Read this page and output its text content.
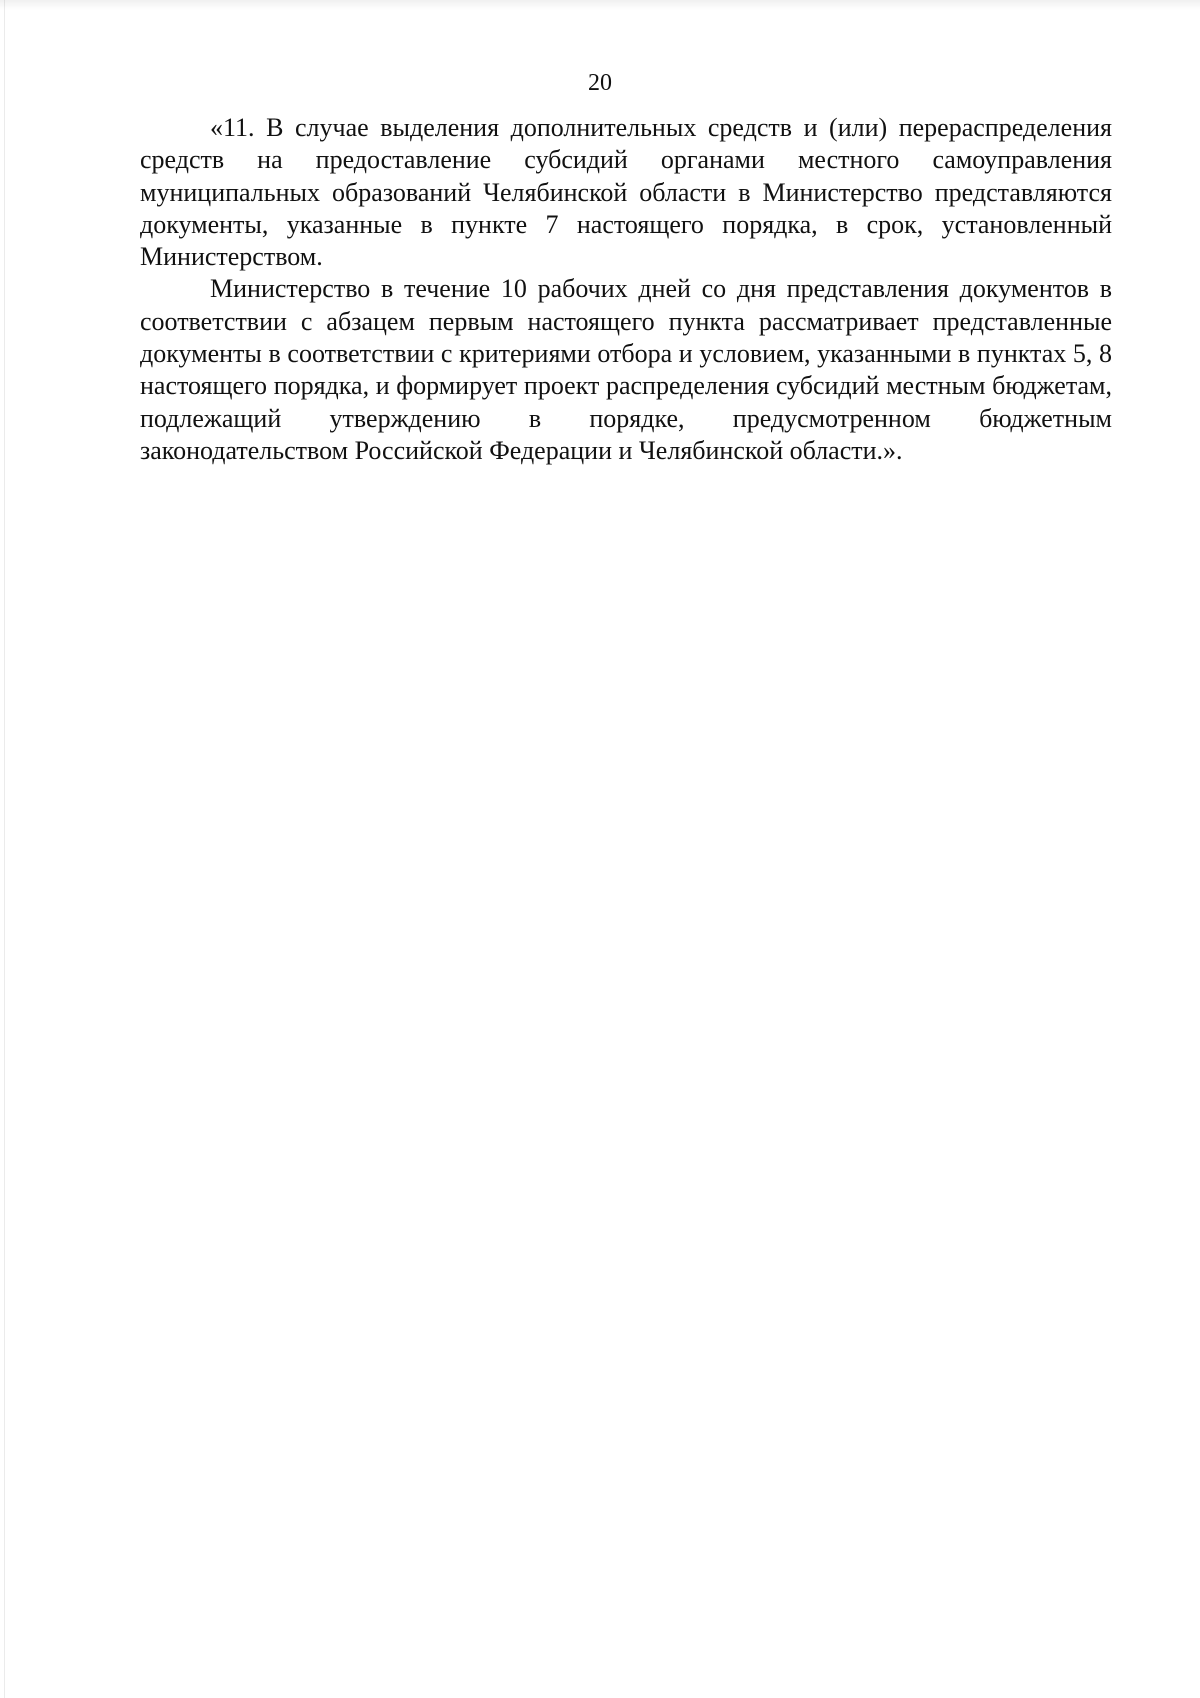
20

«11. В случае выделения дополнительных средств и (или) перераспределения средств на предоставление субсидий органами местного самоуправления муниципальных образований Челябинской области в Министерство представляются документы, указанные в пункте 7 настоящего порядка, в срок, установленный Министерством.

Министерство в течение 10 рабочих дней со дня представления документов в соответствии с абзацем первым настоящего пункта рассматривает представленные документы в соответствии с критериями отбора и условием, указанными в пунктах 5, 8 настоящего порядка, и формирует проект распределения субсидий местным бюджетам, подлежащий утверждению в порядке, предусмотренном бюджетным законодательством Российской Федерации и Челябинской области.».
